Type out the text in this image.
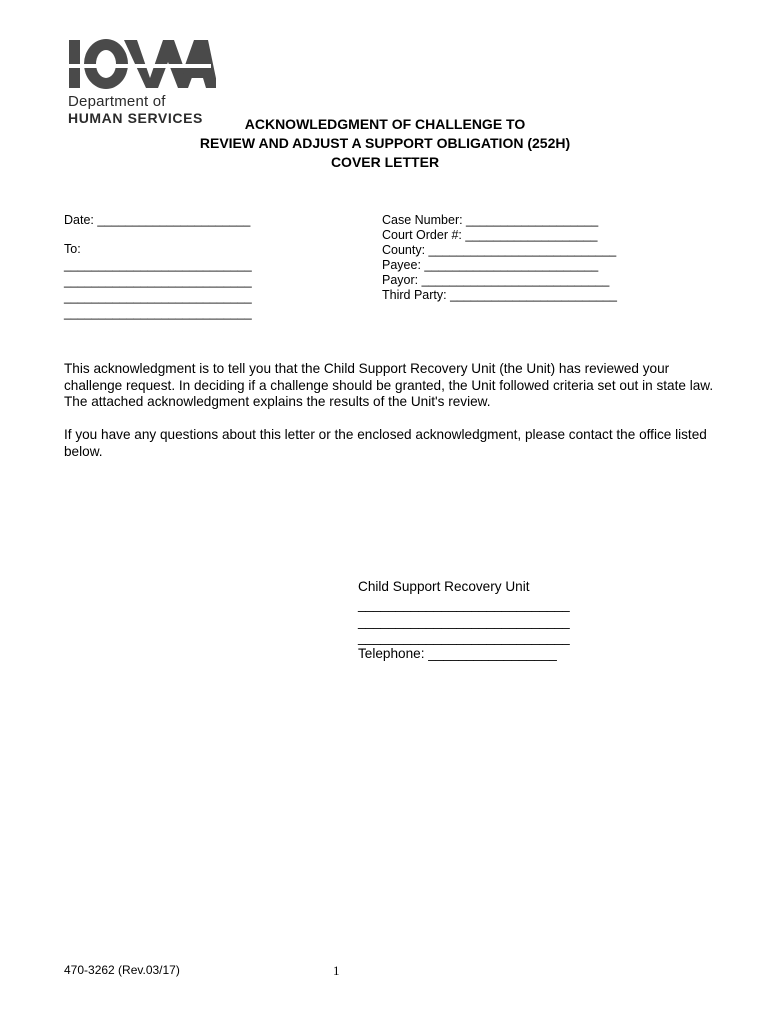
Department of
HUMAN SERVICES	ACKNOWLEDGMENT OF CHALLENGE TO
REVIEW AND ADJUST A SUPPORT OBLIGATION (252H)
COVER LETTER
Date: ______________________
To:
___________________________
___________________________
___________________________
___________________________
Case Number: ___________________
Court Order #: ___________________
County: ___________________________
Payee: _________________________
Payor: ___________________________
Third Party: ________________________
This acknowledgment is to tell you that the Child Support Recovery Unit (the Unit) has reviewed your challenge request. In deciding if a challenge should be granted, the Unit followed criteria set out in state law. The attached acknowledgment explains the results of the Unit's review.
If you have any questions about this letter or the enclosed acknowledgment, please contact the office listed below.
Child Support Recovery Unit
____________________________
____________________________
____________________________
Telephone: _________________
470-3262 (Rev.03/17)	1
